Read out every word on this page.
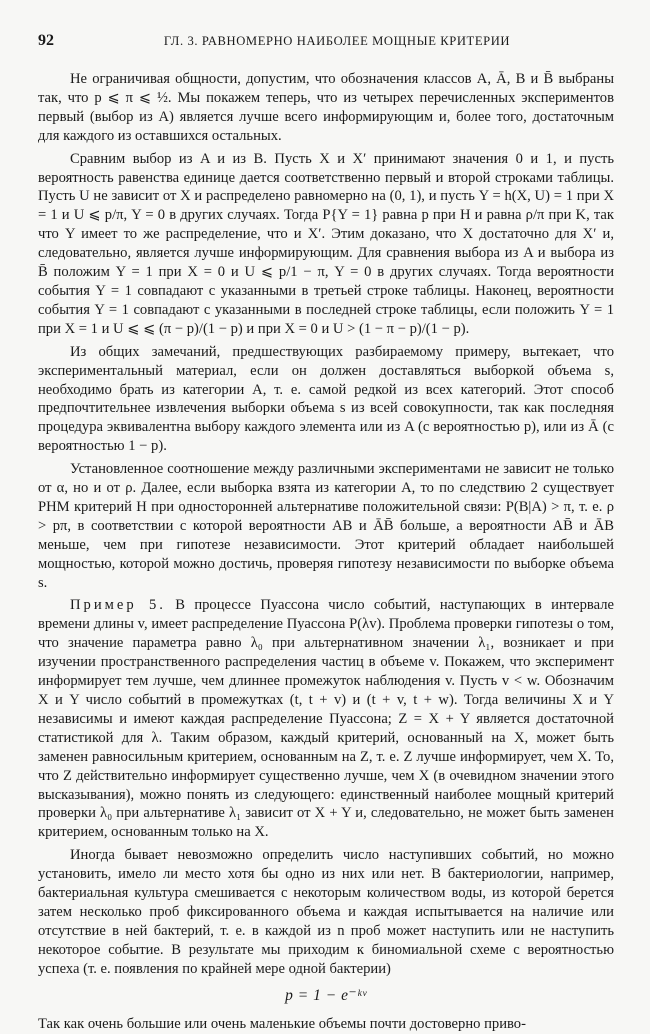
92	ГЛ. 3. РАВНОМЕРНО НАИБОЛЕЕ МОЩНЫЕ КРИТЕРИИ

Не ограничивая общности, допустим, что обозначения классов A, Ā, B и B̄ выбраны так, что p ⩽ π ⩽ ½. Мы покажем теперь, что из четырех перечисленных экспериментов первый (выбор из A) является лучше всего информирующим и, более того, достаточным для каждого из оставшихся остальных.

Сравним выбор из A и из B. Пусть X и X′ принимают значения 0 и 1, и пусть вероятность равенства единице дается соответственно первый и второй строками таблицы. Пусть U не зависит от X и распределено равномерно на (0, 1), и пусть Y = h(X, U) = 1 при X = 1 и U ⩽ p/π, Y = 0 в других случаях. Тогда P{Y = 1} равна p при H и равна ρ/π при K, так что Y имеет то же распределение, что и X′. Этим доказано, что X достаточно для X′ и, следовательно, является лучше информирующим. Для сравнения выбора из A и выбора из B̄ положим Y = 1 при X = 0 и U ⩽ p/1 − π, Y = 0 в других случаях. Тогда вероятности события Y = 1 совпадают с указанными в третьей строке таблицы. Наконец, вероятности события Y = 1 совпадают с указанными в последней строке таблицы, если положить Y = 1 при X = 1 и U ⩽ ⩽ (π − p)/(1 − p) и при X = 0 и U > (1 − π − p)/(1 − p).

Из общих замечаний, предшествующих разбираемому примеру, вытекает, что экспериментальный материал, если он должен доставляться выборкой объема s, необходимо брать из категории A, т. е. самой редкой из всех категорий. Этот способ предпочтительнее извлечения выборки объема s из всей совокупности, так как последняя процедура эквивалентна выбору каждого элемента или из A (с вероятностью p), или из Ā (с вероятностью 1 − p).

Установленное соотношение между различными экспериментами не зависит не только от α, но и от ρ. Далее, если выборка взята из категории A, то по следствию 2 существует РНМ критерий H при односторонней альтернативе положительной связи: P(B|A) > π, т. е. ρ > pπ, в соответствии с которой вероятности AB и ĀB̄ больше, а вероятности AB̄ и ĀB меньше, чем при гипотезе независимости. Этот критерий обладает наибольшей мощностью, которой можно достичь, проверяя гипотезу независимости по выборке объема s.

Пример 5. В процессе Пуассона число событий, наступающих в интервале времени длины v, имеет распределение Пуассона P(λv). Проблема проверки гипотезы о том, что значение параметра равно λ₀ при альтернативном значении λ₁, возникает и при изучении пространственного распределения частиц в объеме v. Покажем, что эксперимент информирует тем лучше, чем длиннее промежуток наблюдения v. Пусть v < w. Обозначим X и Y число событий в промежутках (t, t + v) и (t + v, t + w). Тогда величины X и Y независимы и имеют каждая распределение Пуассона; Z = X + Y является достаточной статистикой для λ. Таким образом, каждый критерий, основанный на X, может быть заменен равносильным критерием, основанным на Z, т. е. Z лучше информирует, чем X. То, что Z действительно информирует существенно лучше, чем X (в очевидном значении этого высказывания), можно понять из следующего: единственный наиболее мощный критерий проверки λ₀ при альтернативе λ₁ зависит от X + Y и, следовательно, не может быть заменен критерием, основанным только на X.

Иногда бывает невозможно определить число наступивших событий, но можно установить, имело ли место хотя бы одно из них или нет. В бактериологии, например, бактериальная культура смешивается с некоторым количеством воды, из которой берется затем несколько проб фиксированного объема и каждая испытывается на наличие или отсутствие в ней бактерий, т. е. в каждой из n проб может наступить или не наступить некоторое событие. В результате мы приходим к биномиальной схеме с вероятностью успеха (т. е. появления по крайней мере одной бактерии)

p = 1 − e⁻ᵏᵛ

Так как очень большие или очень маленькие объемы почти достоверно приво-
